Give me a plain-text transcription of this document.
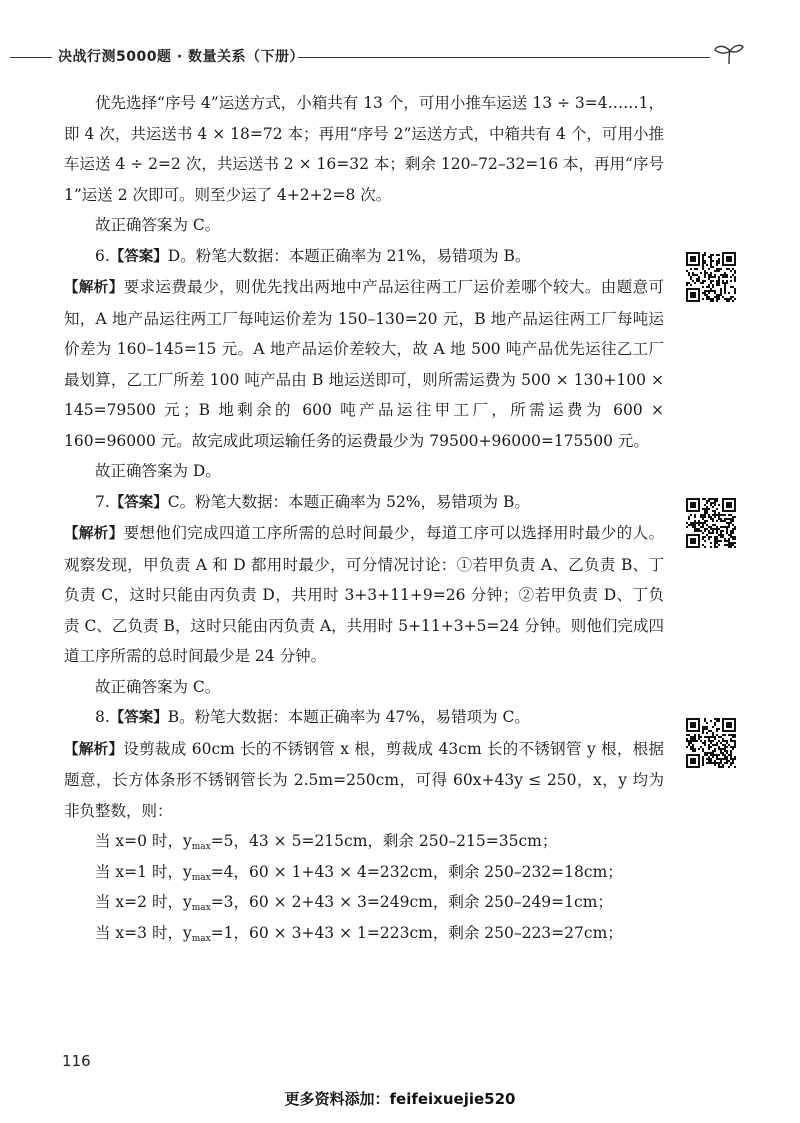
决战行测5000题 · 数量关系（下册）

优先选择“序号 4”运送方式，小箱共有 13 个，可用小推车运送 13 ÷ 3=4……1，即 4 次，共运送书 4 × 18=72 本；再用“序号 2”运送方式，中箱共有 4 个，可用小推车运送 4 ÷ 2=2 次，共运送书 2 × 16=32 本；剩余 120–72–32=16 本，再用“序号 1”运送 2 次即可。则至少运了 4+2+2=8 次。

故正确答案为 C。

6.【答案】D。粉笔大数据：本题正确率为 21%，易错项为 B。

【解析】要求运费最少，则优先找出两地中产品运往两工厂运价差哪个较大。由题意可知，A 地产品运往两工厂每吨运价差为 150–130=20 元，B 地产品运往两工厂每吨运价差为 160–145=15 元。A 地产品运价差较大，故 A 地 500 吨产品优先运往乙工厂最划算，乙工厂所差 100 吨产品由 B 地运送即可，则所需运费为 500 × 130+100 × 145=79500 元；B 地剩余的 600 吨产品运往甲工厂，所需运费为 600 × 160=96000 元。故完成此项运输任务的运费最少为 79500+96000=175500 元。

故正确答案为 D。

7.【答案】C。粉笔大数据：本题正确率为 52%，易错项为 B。

【解析】要想他们完成四道工序所需的总时间最少，每道工序可以选择用时最少的人。观察发现，甲负责 A 和 D 都用时最少，可分情况讨论：①若甲负责 A、乙负责 B、丁负责 C，这时只能由丙负责 D，共用时 3+3+11+9=26 分钟；②若甲负责 D、丁负责 C、乙负责 B，这时只能由丙负责 A，共用时 5+11+3+5=24 分钟。则他们完成四道工序所需的总时间最少是 24 分钟。

故正确答案为 C。

8.【答案】B。粉笔大数据：本题正确率为 47%，易错项为 C。

【解析】设剪裁成 60cm 长的不锈钢管 x 根，剪裁成 43cm 长的不锈钢管 y 根，根据题意，长方体条形不锈钢管长为 2.5m=250cm，可得 60x+43y ≤ 250，x，y 均为非负整数，则：

当 x=0 时，$y_{max}=5$，43 × 5=215cm，剩余 250–215=35cm；

当 x=1 时，$y_{max}=4$，60 × 1+43 × 4=232cm，剩余 250–232=18cm；

当 x=2 时，$y_{max}=3$，60 × 2+43 × 3=249cm，剩余 250–249=1cm；

当 x=3 时，$y_{max}=1$，60 × 3+43 × 1=223cm，剩余 250–223=27cm；

116
更多资料添加：feifeixuejie520
